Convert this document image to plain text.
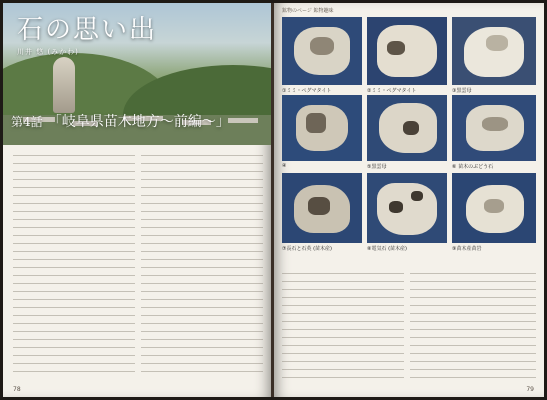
石の思い出
川井 悠 (みかわ)
第4話 「岐阜県苗木地方〜前編〜」
78
鉱物のページ 鉱物趣味
①ミミ・ペグマタイト	②ミミ・ペグマタイト	③黒雲母
④	⑤黒雲母	⑥ 苗木のぶどう石
⑦長石と石英 (苗木産)	⑧電気石 (苗木産)	⑨苗木産苗岩
79
